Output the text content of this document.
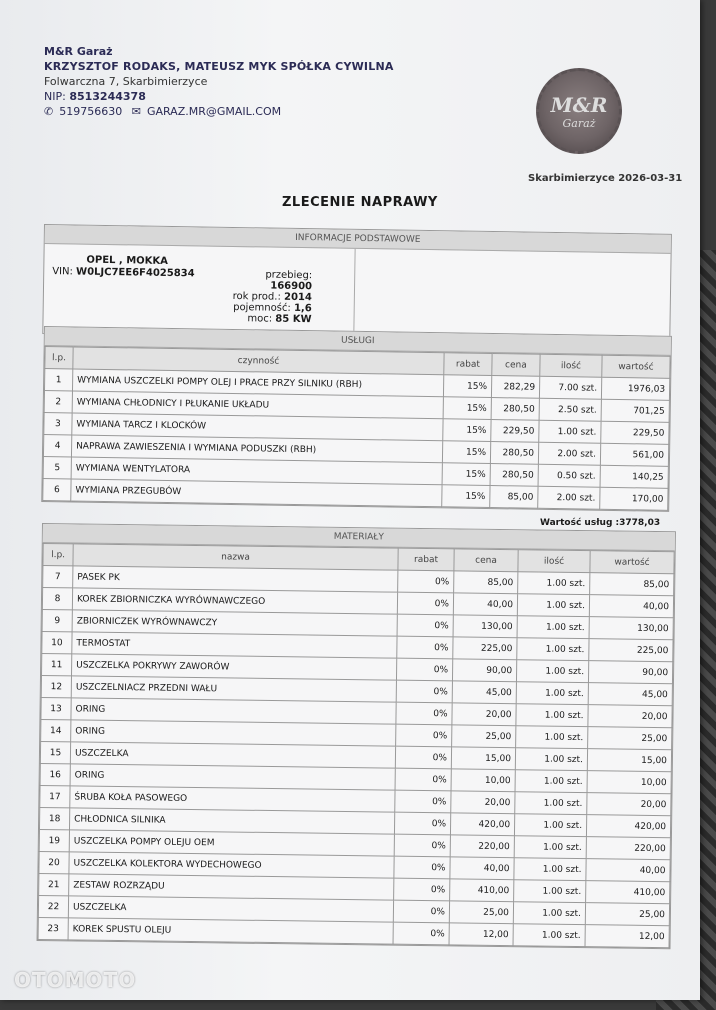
M&R Garaż
KRZYSZTOF RODAKS, MATEUSZ MYK SPÓŁKA CYWILNA
Folwarczna 7, Skarbimierzyce
NIP: 8513244378
✆ 519756630 ✉ GARAZ.MR@GMAIL.COM	M&R
Garaż
Skarbimierzyce 2026-03-31
ZLECENIE NAPRAWY
INFORMACJE PODSTAWOWE
OPEL , MOKKA
VIN: W0LJC7EE6F4025834	przebieg: 166900
rok prod.: 2014
pojemność: 1,6
moc: 85 KW
USŁUGI
l.p.	czynność	rabat	cena	ilość	wartość
1	WYMIANA USZCZELKI POMPY OLEJ I PRACE PRZY SILNIKU (RBH)	15%	282,29	7.00 szt.	1976,03
2	WYMIANA CHŁODNICY I PŁUKANIE UKŁADU	15%	280,50	2.50 szt.	701,25
3	WYMIANA TARCZ I KLOCKÓW	15%	229,50	1.00 szt.	229,50
4	NAPRAWA ZAWIESZENIA I WYMIANA PODUSZKI (RBH)	15%	280,50	2.00 szt.	561,00
5	WYMIANA WENTYLATORA	15%	280,50	0.50 szt.	140,25
6	WYMIANA PRZEGUBÓW	15%	85,00	2.00 szt.	170,00
Wartość usług :3778,03
MATERIAŁY
l.p.	nazwa	rabat	cena	ilość	wartość
7	PASEK PK	0%	85,00	1.00 szt.	85,00
8	KOREK ZBIORNICZKA WYRÓWNAWCZEGO	0%	40,00	1.00 szt.	40,00
9	ZBIORNICZEK WYRÓWNAWCZY	0%	130,00	1.00 szt.	130,00
10	TERMOSTAT	0%	225,00	1.00 szt.	225,00
11	USZCZELKA POKRYWY ZAWORÓW	0%	90,00	1.00 szt.	90,00
12	USZCZELNIACZ PRZEDNI WAŁU	0%	45,00	1.00 szt.	45,00
13	ORING	0%	20,00	1.00 szt.	20,00
14	ORING	0%	25,00	1.00 szt.	25,00
15	USZCZELKA	0%	15,00	1.00 szt.	15,00
16	ORING	0%	10,00	1.00 szt.	10,00
17	ŚRUBA KOŁA PASOWEGO	0%	20,00	1.00 szt.	20,00
18	CHŁODNICA SILNIKA	0%	420,00	1.00 szt.	420,00
19	USZCZELKA POMPY OLEJU OEM	0%	220,00	1.00 szt.	220,00
20	USZCZELKA KOLEKTORA WYDECHOWEGO	0%	40,00	1.00 szt.	40,00
21	ZESTAW ROZRZĄDU	0%	410,00	1.00 szt.	410,00
22	USZCZELKA	0%	25,00	1.00 szt.	25,00
23	KOREK SPUSTU OLEJU	0%	12,00	1.00 szt.	12,00
OTOMOTO
